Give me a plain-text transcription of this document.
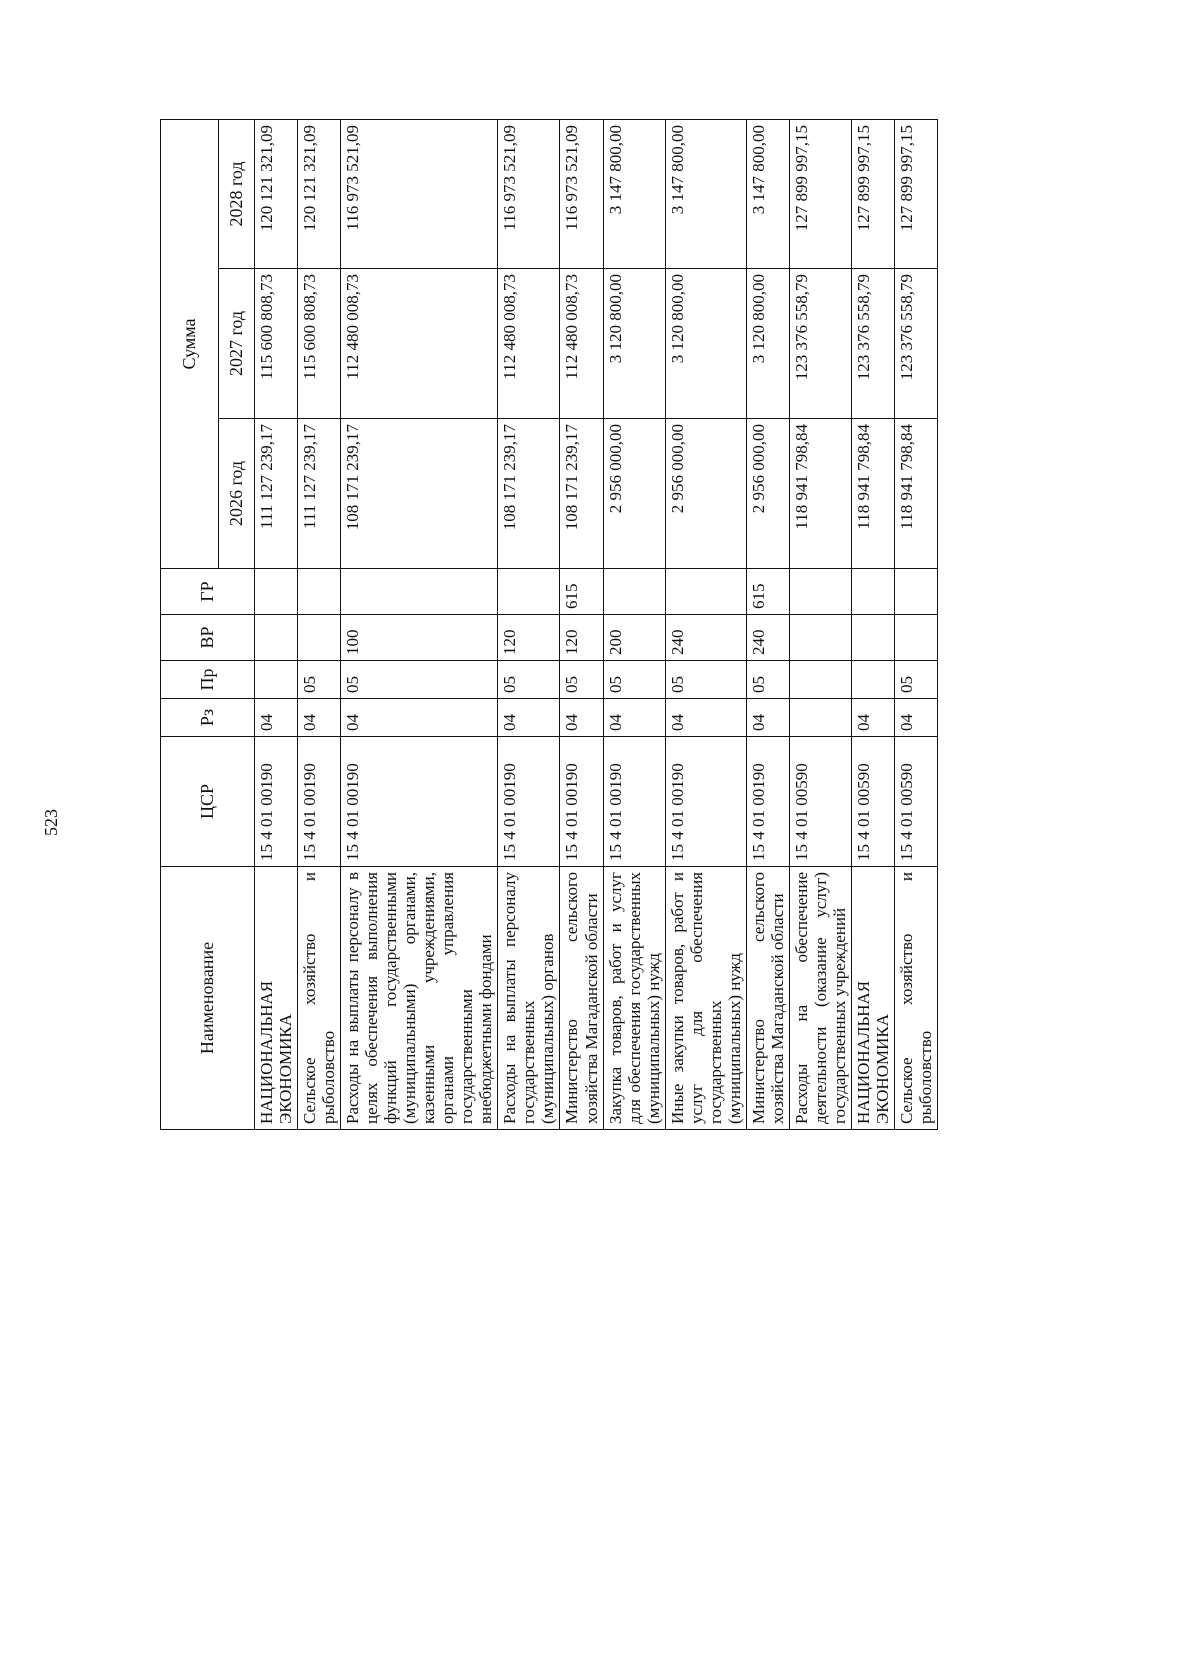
523
Наименование	ЦСР	Рз	Пр	ВР	ГР	Сумма		
						2026 год	2027 год	2028 год
НАЦИОНАЛЬНАЯ ЭКОНОМИКА	15 4 01 00190	04				111 127 239,17	115 600 808,73	120 121 321,09
Сельское хозяйство и рыболовство	15 4 01 00190	04	05			111 127 239,17	115 600 808,73	120 121 321,09
Расходы на выплаты персоналу в целях обеспечения выполнения функций государственными (муниципальными) органами, казенными учреждениями, органами управления государственными внебюджетными фондами	15 4 01 00190	04	05	100		108 171 239,17	112 480 008,73	116 973 521,09
Расходы на выплаты персоналу государственных (муниципальных) органов	15 4 01 00190	04	05	120		108 171 239,17	112 480 008,73	116 973 521,09
Министерство сельского хозяйства Магаданской области	15 4 01 00190	04	05	120	615	108 171 239,17	112 480 008,73	116 973 521,09
Закупка товаров, работ и услуг для обеспечения государственных (муниципальных) нужд	15 4 01 00190	04	05	200		2 956 000,00	3 120 800,00	3 147 800,00
Иные закупки товаров, работ и услуг для обеспечения государственных (муниципальных) нужд	15 4 01 00190	04	05	240		2 956 000,00	3 120 800,00	3 147 800,00
Министерство сельского хозяйства Магаданской области	15 4 01 00190	04	05	240	615	2 956 000,00	3 120 800,00	3 147 800,00
Расходы на обеспечение деятельности (оказание услуг) государственных учреждений	15 4 01 00590					118 941 798,84	123 376 558,79	127 899 997,15
НАЦИОНАЛЬНАЯ ЭКОНОМИКА	15 4 01 00590	04				118 941 798,84	123 376 558,79	127 899 997,15
Сельское хозяйство и рыболовство	15 4 01 00590	04	05			118 941 798,84	123 376 558,79	127 899 997,15
